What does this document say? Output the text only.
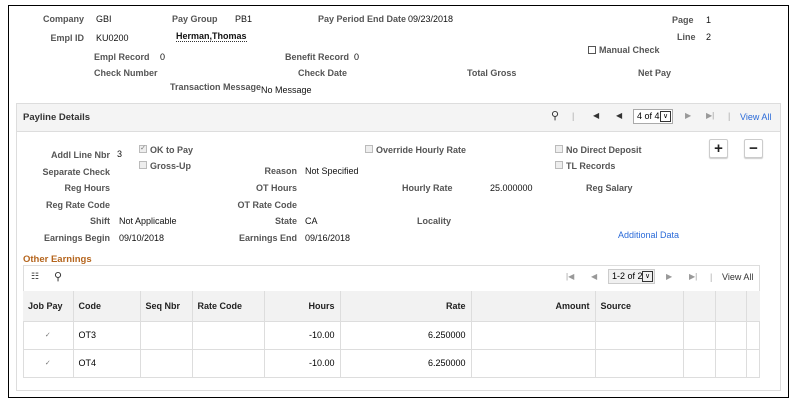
Company GBI	Pay Group PB1	Pay Period End Date 09/23/2018	Page 1
Line 2
Empl ID KU0200	Herman,Thomas
Manual Check
Empl Record 0	Benefit Record 0
Check Number	Check Date	Total Gross	Net Pay
Transaction Message No Message
Payline Details	⚲ | ◀ ◀	4 of 4 ∨	▶ ▶| | View All
Addl Line Nbr 3
✓ OK to Pay
Gross-Up
Override Hourly Rate	No Direct Deposit
TL Records
+	−
Separate Check	Reason Not Specified
Reg Hours	OT Hours	Hourly Rate	25.000000	Reg Salary
Reg Rate Code	OT Rate Code
Shift Not Applicable	State CA	Locality
Earnings Begin 09/10/2018	Earnings End 09/16/2018	Additional Data
Other Earnings
☷ ⚲	|◀ ◀	1-2 of 2 ∨	▶ ▶| | View All
Job Pay	Code	Seq Nbr	Rate Code	Hours	Rate	Amount	Source			
✓	OT3			-10.00	6.250000					
✓	OT4			-10.00	6.250000					
